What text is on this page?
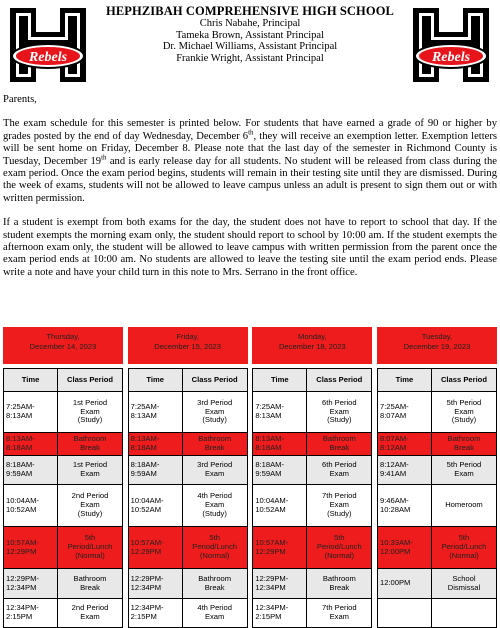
Rebels	Rebels
HEPHZIBAH COMPREHENSIVE HIGH SCHOOL
Chris Nabahe, Principal
Tameka Brown, Assistant Principal
Dr. Michael Williams, Assistant Principal
Frankie Wright, Assistant Principal

Parents,

The exam schedule for this semester is printed below. For students that have earned a grade of 90 or higher by grades posted by the end of day Wednesday, December 6th, they will receive an exemption letter. Exemption letters will be sent home on Friday, December 8. Please note that the last day of the semester in Richmond County is Tuesday, December 19th and is early release day for all students. No student will be released from class during the exam period. Once the exam period begins, students will remain in their testing site until they are dismissed. During the week of exams, students will not be allowed to leave campus unless an adult is present to sign them out or with written permission.

If a student is exempt from both exams for the day, the student does not have to report to school that day. If the student exempts the morning exam only, the student should report to school by 10:00 am. If the student exempts the afternoon exam only, the student will be allowed to leave campus with written permission from the parent once the exam period ends at 10:00 am. No students are allowed to leave the testing site until the exam period ends. Please write a note and have your child turn in this note to Mrs. Serrano in the front office.

Thursday,
December 14, 2023
Time	Class Period
7:25AM-
8:13AM	1st Period
Exam
(Study)
8:13AM-
8:18AM	Bathroom
Break
8:18AM-
9:59AM	1st Period
Exam
10:04AM-
10:52AM	2nd Period
Exam
(Study)
10:57AM-
12:29PM	5th
Period/Lunch
(Normal)
12:29PM-
12:34PM	Bathroom
Break
12:34PM-
2:15PM	2nd Period
Exam
Friday,
December 15, 2023
Time	Class Period
7:25AM-
8:13AM	3rd Period
Exam
(Study)
8:13AM-
8:18AM	Bathroom
Break
8:18AM-
9:59AM	3rd Period
Exam
10:04AM-
10:52AM	4th Period
Exam
(Study)
10:57AM-
12:29PM	5th
Period/Lunch
(Normal)
12:29PM-
12:34PM	Bathroom
Break
12:34PM-
2:15PM	4th Period
Exam
Monday,
December 18, 2023
Time	Class Period
7:25AM-
8:13AM	6th Period
Exam
(Study)
8:13AM-
8:18AM	Bathroom
Break
8:18AM-
9:59AM	6th Period
Exam
10:04AM-
10:52AM	7th Period
Exam
(Study)
10:57AM-
12:29PM	5th
Period/Lunch
(Normal)
12:29PM-
12:34PM	Bathroom
Break
12:34PM-
2:15PM	7th Period
Exam
Tuesday,
December 19, 2023
Time	Class Period
7:25AM-
8:07AM	5th Period
Exam
(Study)
8:07AM-
8:12AM	Bathroom
Break
8:12AM-
9:41AM	5th Period
Exam
9:46AM-
10:28AM	Homeroom
10:33AM-
12:00PM	5th
Period/Lunch
(Normal)
12:00PM	School
Dismissal
